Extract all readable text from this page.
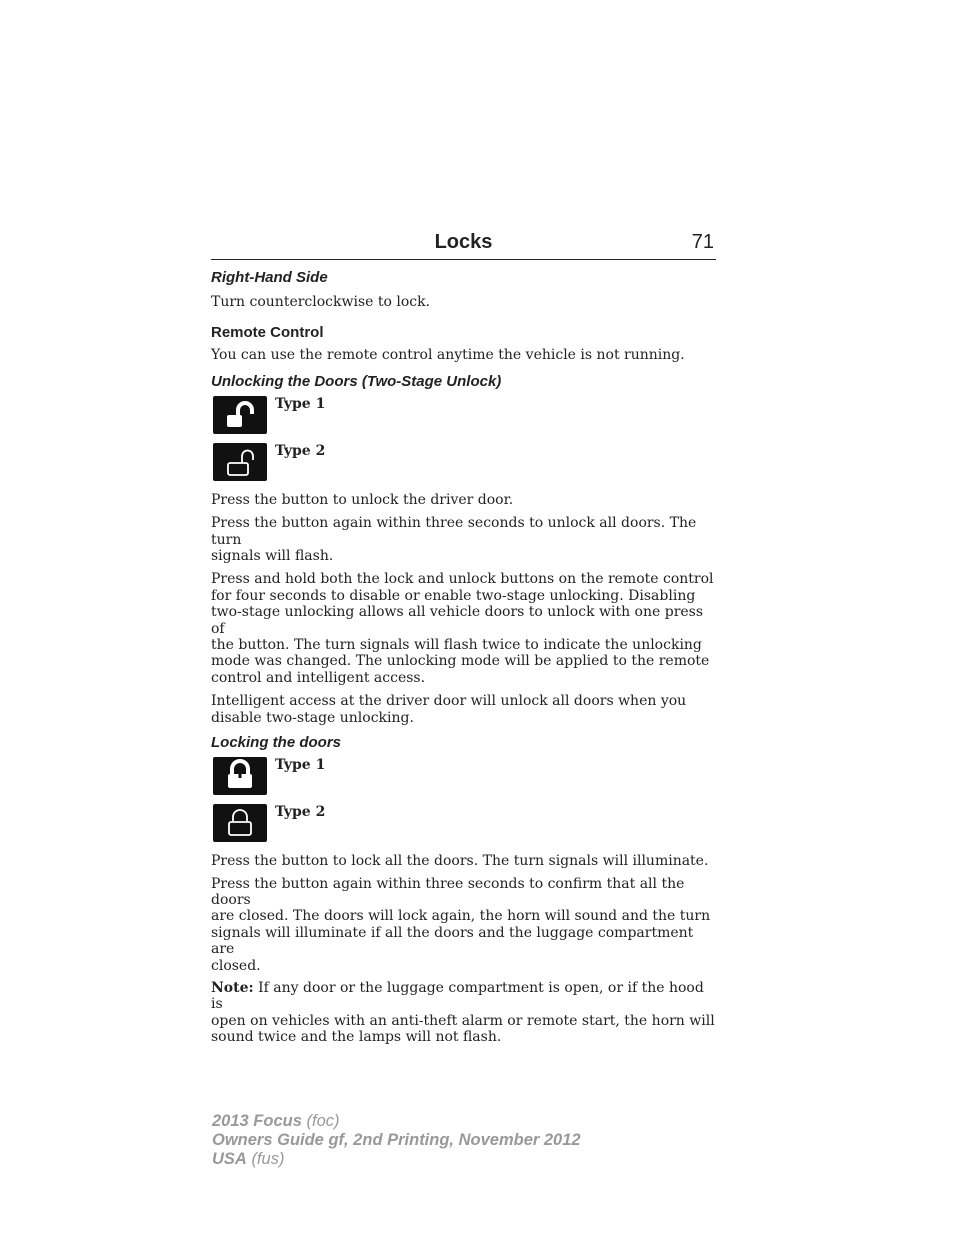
Locks	71
Right-Hand Side

Turn counterclockwise to lock.

Remote Control

You can use the remote control anytime the vehicle is not running.

Unlocking the Doors (Two-Stage Unlock)
Type 1
Type 2

Press the button to unlock the driver door.

Press the button again within three seconds to unlock all doors. The turn
signals will flash.

Press and hold both the lock and unlock buttons on the remote control
for four seconds to disable or enable two-stage unlocking. Disabling
two-stage unlocking allows all vehicle doors to unlock with one press of
the button. The turn signals will flash twice to indicate the unlocking
mode was changed. The unlocking mode will be applied to the remote
control and intelligent access.

Intelligent access at the driver door will unlock all doors when you
disable two-stage unlocking.

Locking the doors
Type 1
Type 2

Press the button to lock all the doors. The turn signals will illuminate.

Press the button again within three seconds to confirm that all the doors
are closed. The doors will lock again, the horn will sound and the turn
signals will illuminate if all the doors and the luggage compartment are
closed.

Note: If any door or the luggage compartment is open, or if the hood is
open on vehicles with an anti-theft alarm or remote start, the horn will
sound twice and the lamps will not flash.

2013 Focus (foc)
Owners Guide gf, 2nd Printing, November 2012
USA (fus)
